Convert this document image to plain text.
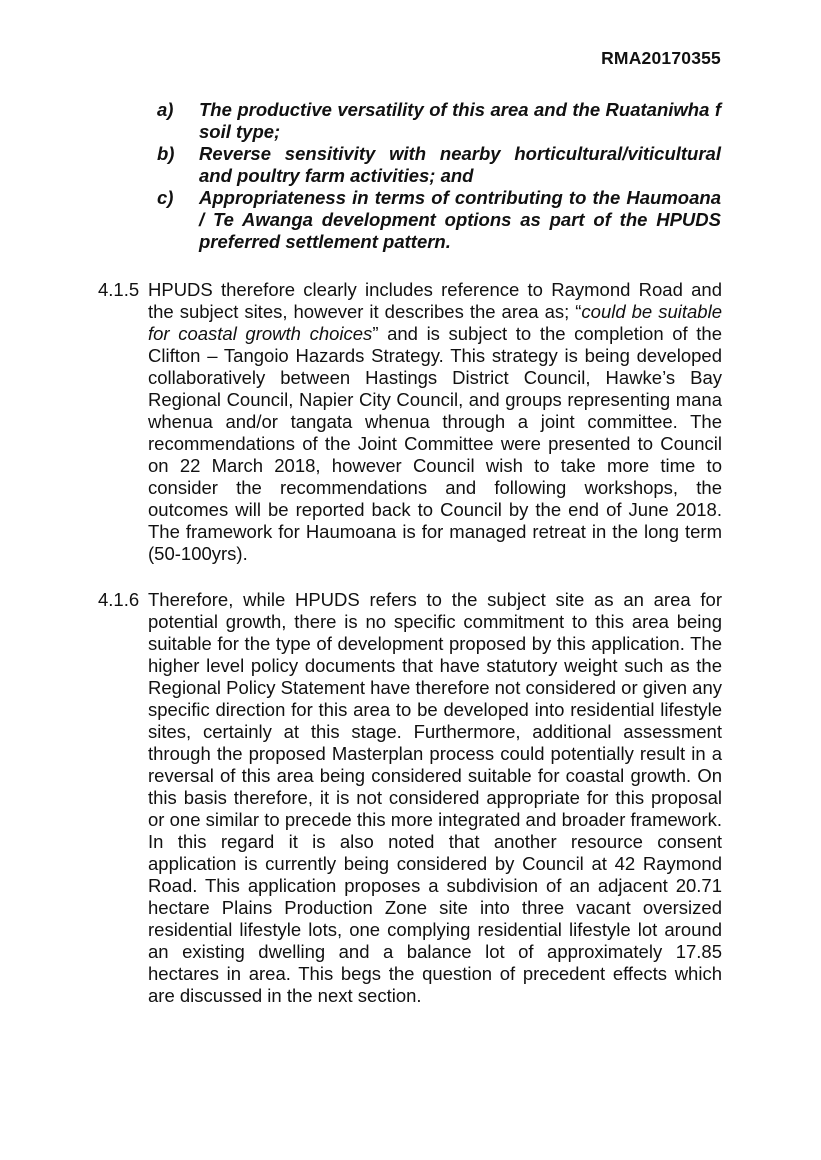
RMA20170355
a) The productive versatility of this area and the Ruataniwha f soil type;
b) Reverse sensitivity with nearby horticultural/viticultural and poultry farm activities; and
c) Appropriateness in terms of contributing to the Haumoana / Te Awanga development options as part of the HPUDS preferred settlement pattern.
4.1.5 HPUDS therefore clearly includes reference to Raymond Road and the subject sites, however it describes the area as; “could be suitable for coastal growth choices” and is subject to the completion of the Clifton – Tangoio Hazards Strategy. This strategy is being developed collaboratively between Hastings District Council, Hawke’s Bay Regional Council, Napier City Council, and groups representing mana whenua and/or tangata whenua through a joint committee. The recommendations of the Joint Committee were presented to Council on 22 March 2018, however Council wish to take more time to consider the recommendations and following workshops, the outcomes will be reported back to Council by the end of June 2018. The framework for Haumoana is for managed retreat in the long term (50-100yrs).
4.1.6 Therefore, while HPUDS refers to the subject site as an area for potential growth, there is no specific commitment to this area being suitable for the type of development proposed by this application. The higher level policy documents that have statutory weight such as the Regional Policy Statement have therefore not considered or given any specific direction for this area to be developed into residential lifestyle sites, certainly at this stage. Furthermore, additional assessment through the proposed Masterplan process could potentially result in a reversal of this area being considered suitable for coastal growth. On this basis therefore, it is not considered appropriate for this proposal or one similar to precede this more integrated and broader framework. In this regard it is also noted that another resource consent application is currently being considered by Council at 42 Raymond Road. This application proposes a subdivision of an adjacent 20.71 hectare Plains Production Zone site into three vacant oversized residential lifestyle lots, one complying residential lifestyle lot around an existing dwelling and a balance lot of approximately 17.85 hectares in area. This begs the question of precedent effects which are discussed in the next section.
